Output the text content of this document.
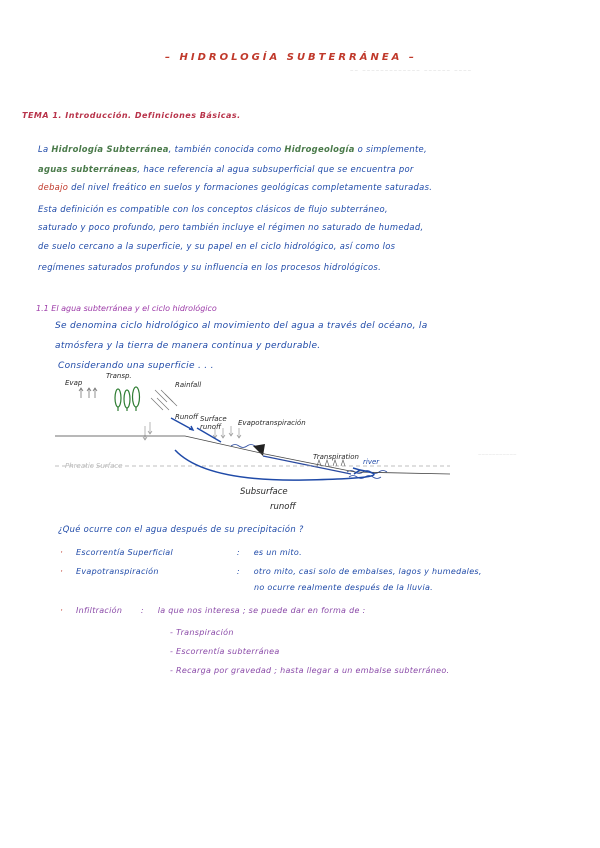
– HIDROLOGÍA SUBTERRÁNEA –
–– ––––––––––––– –––––– ––––
TEMA 1. Introducción. Definiciones Básicas.
La Hidrología Subterránea, también conocida como Hidrogeología o simplemente,
aguas subterráneas, hace referencia al agua subsuperficial que se encuentra por
debajo del nivel freático en suelos y formaciones geológicas completamente saturadas.
Esta definición es compatible con los conceptos clásicos de flujo subterráneo,
saturado y poco profundo, pero también incluye el régimen no saturado de humedad,
de suelo cercano a la superficie, y su papel en el ciclo hidrológico, así como los
regímenes saturados profundos y su influencia en los procesos hidrológicos.
1.1 El agua subterránea y el ciclo hidrológico
Se denomina ciclo hidrológico al movimiento del agua a través del océano, la
atmósfera y la tierra de manera continua y perdurable.
Considerando una superficie . . .
Evap
Transp.
Rainfall
Runoff Surface
runoff Evapotranspiración
Transpiration
river
Phreatic Surface
Subsurface
runoff
–––––––––––
¿Qué ocurre con el agua después de su precipitación ?
· Escorrentía Superficial	: es un mito.
· Evapotranspiración	: otro mito, casi solo de embalses, lagos y humedales,
no ocurre realmente después de la lluvia.
· Infiltración : la que nos interesa ; se puede dar en forma de :
- Transpiración
- Escorrentía subterránea
- Recarga por gravedad ; hasta llegar a un embalse subterráneo.
